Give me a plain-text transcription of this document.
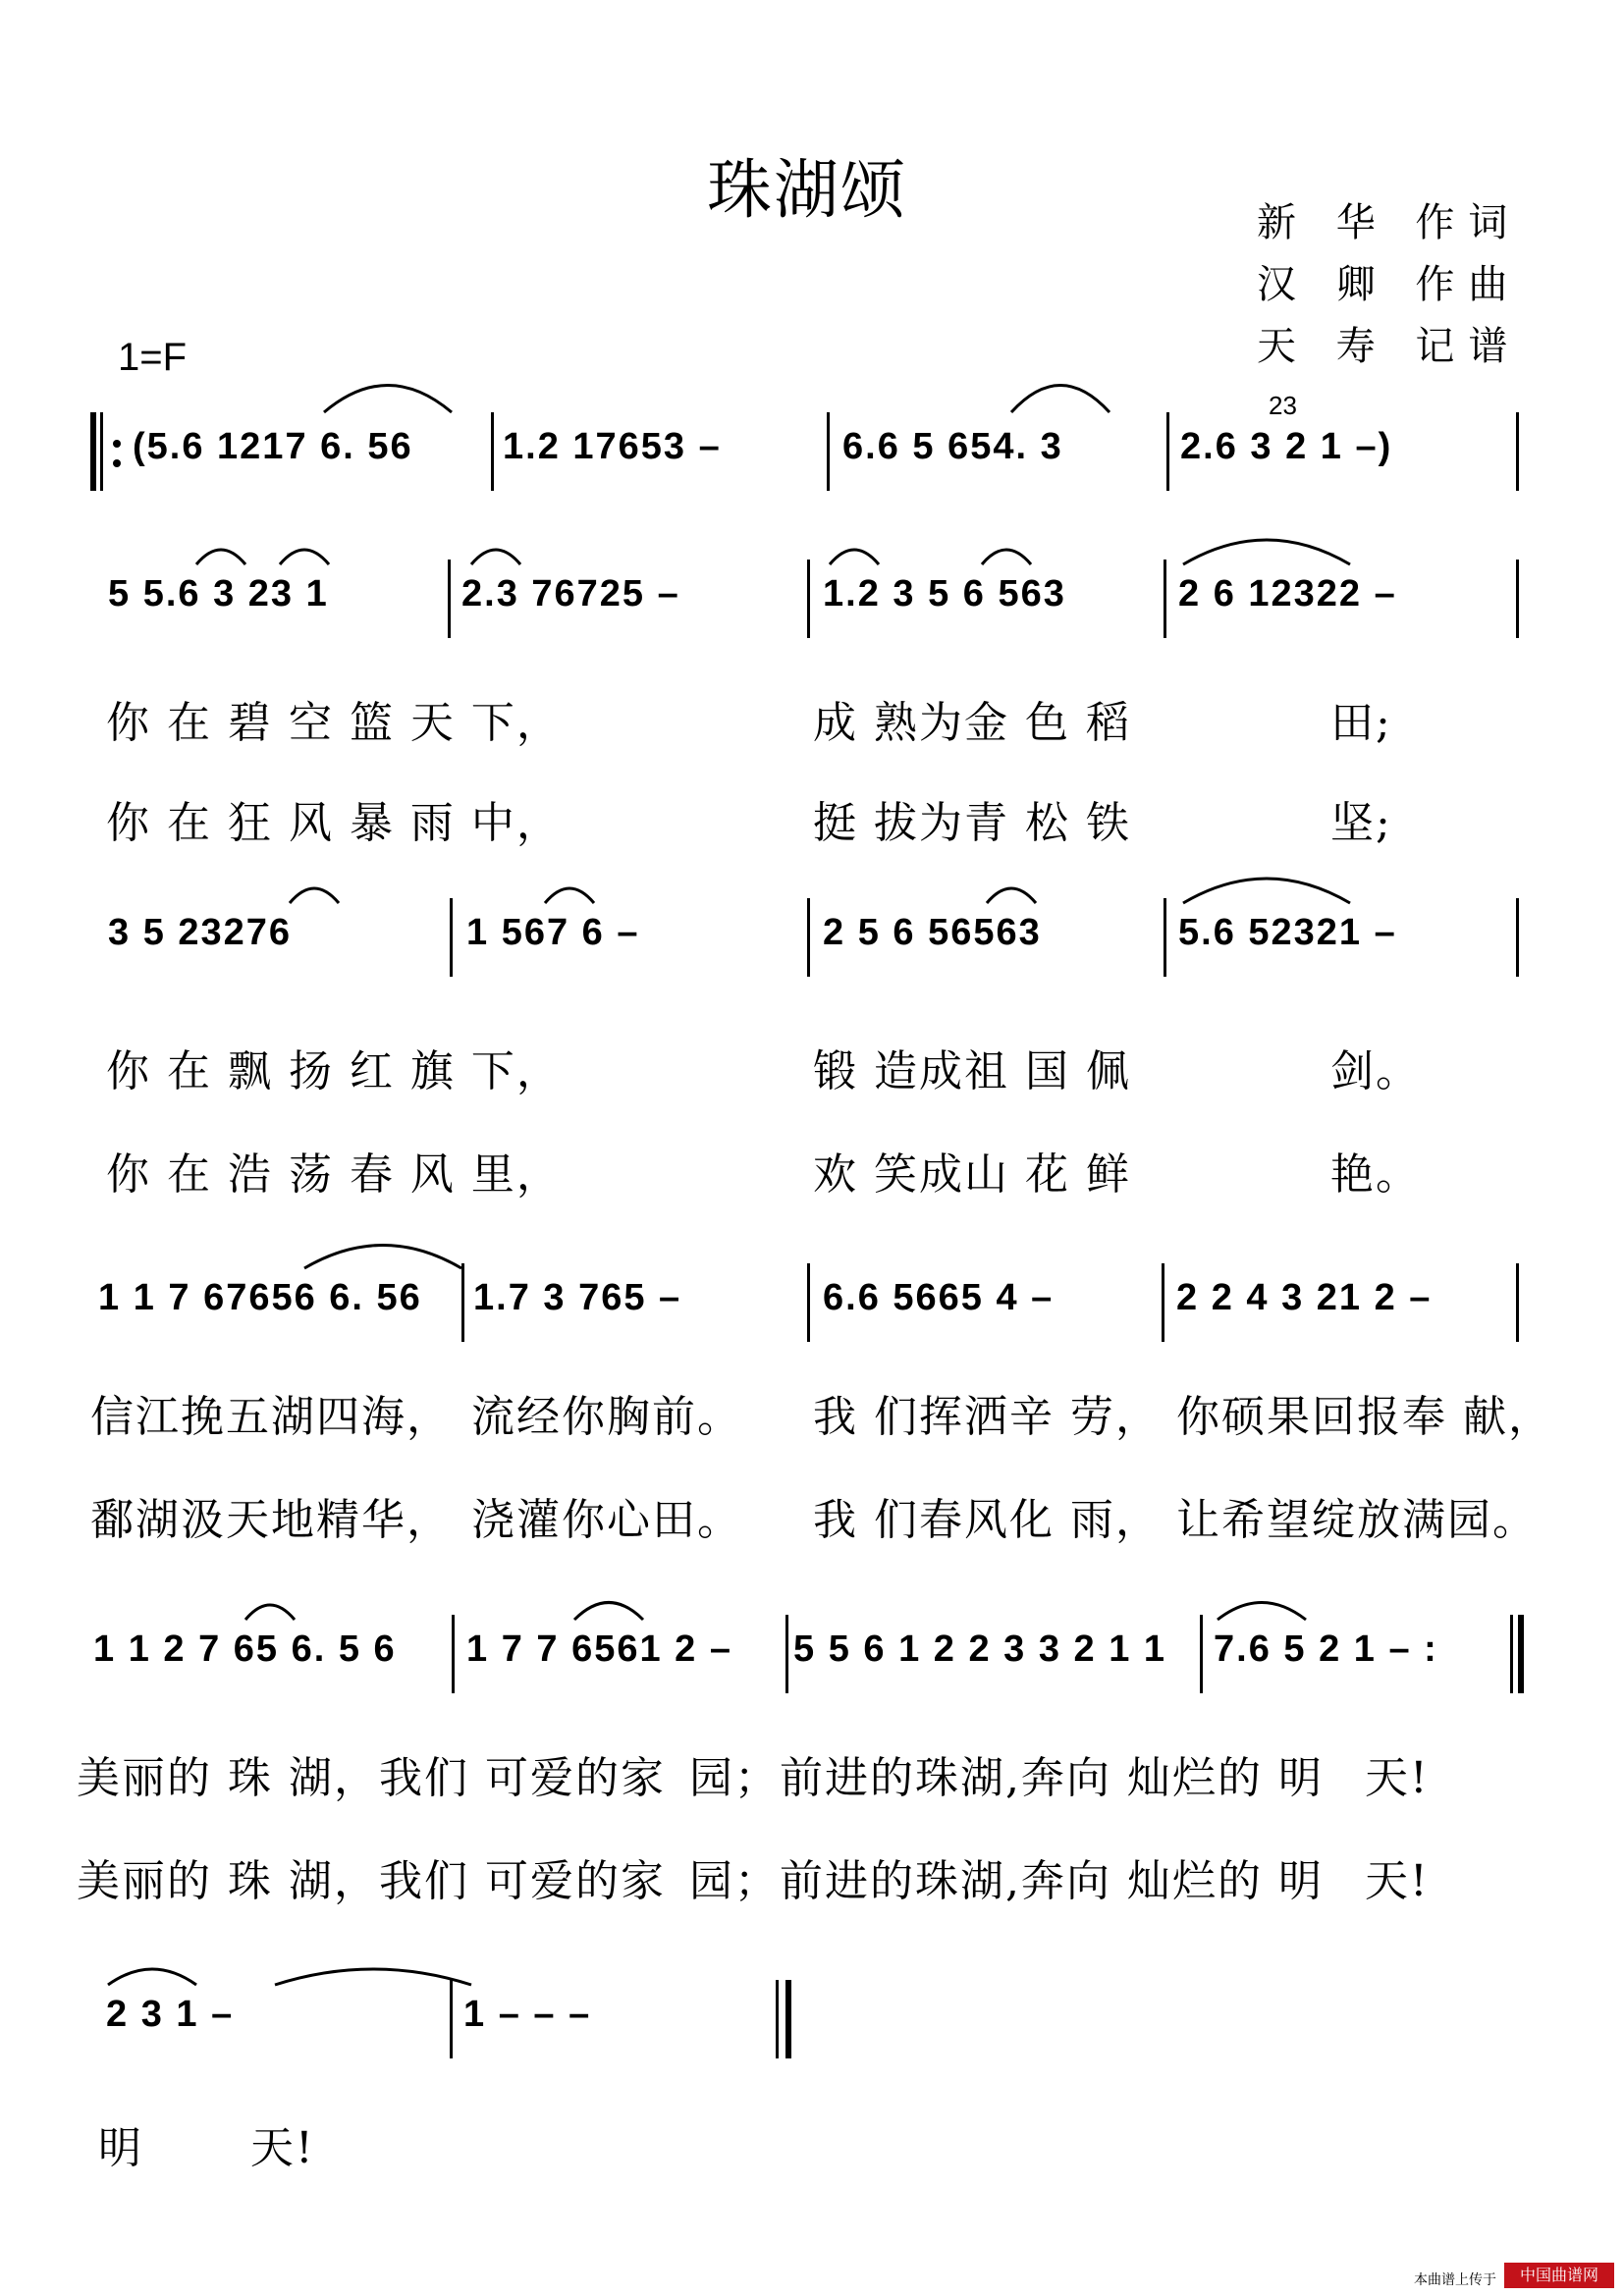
珠湖颂	新 华 作词
汉 卿 作曲
天 寿 记谱
1=F
(5.6 1217 6. 56 1.2 17653 –	6.6 5 654. 3	2.6 3 2 1 –)
23
5 5.6 3 23 1	2.3 76725 –	1.2 3 5 6 563	2 6 12322 –
你 在 碧 空 篮 天 下，	成 熟为金 色 稻	田;
你 在 狂 风 暴 雨 中，	挺 拔为青 松 铁	坚;
3 5 23276	1 567 6 –	2 5 6 56563	5.6 52321 –
你 在 飘 扬 红 旗 下，	锻 造成祖 国 佩	剑。
你 在 浩 荡 春 风 里，	欢 笑成山 花 鲜	艳。
1 1 7 67656 6. 56 1.7 3 765 –	6.6 5665 4 –	2 2 4 3 21 2 –
信江挽五湖四海， 流经你胸前。 我 们挥洒辛 劳， 你硕果回报奉 献，
鄱湖汲天地精华， 浇灌你心田。 我 们春风化 雨， 让希望绽放满园。
1 1 2 7 65 6. 5 6 1 7 7 6561 2 – 5 5 6 1 2 2 3 3 2 1 1 7.6 5 2 1 – :
美丽的 珠 湖，我们 可爱的家 园；前进的珠湖,奔向 灿烂的 明 天!
美丽的 珠 湖，我们 可爱的家 园；前进的珠湖,奔向 灿烂的 明 天!
2 3 1 –	1 – – –
明 天!
本曲谱上传于	中国曲谱网
